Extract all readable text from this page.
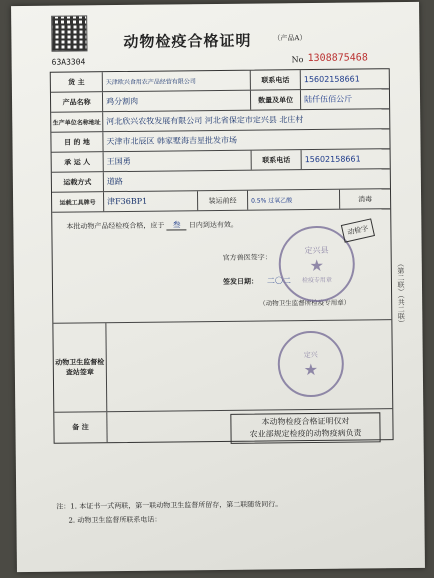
63A3304
动物检疫合格证明	（产品A）
No 1308875468
货 主	天津欧兴食用农产品经营有限公司	联系电话	15602158661
产品名称	鸡分割肉	数量及单位	陆仟伍佰公斤
生产单位名称地址 河北欣兴农牧发展有限公司 河北省保定市定兴县 北庄村
目 的 地	天津市北辰区 韩家墅海吉星批发市场
承 运 人	王国勇	联系电话	15602158661
运载方式	道路
运载工具牌号	津F36BP1	装运前经	0.5% 过氧乙酸	消毒
本批动物产品经检疫合格，应于 叁 日内到达有效。
官方兽医签字：
签发日期： 二〇二
（动物卫生监督所检疫专用章）
定兴县
★
检疫专用章
动检字
动物卫生监督检查站签章
定兴
★
备 注
本动物检疫合格证明仅对
农业部规定检疫的动物疫病负责
（第二联）（共二联）
注：1. 本证书一式两联，第一联动物卫生监督所留存，第二联随货同行。
2. 动物卫生监督所联系电话：
